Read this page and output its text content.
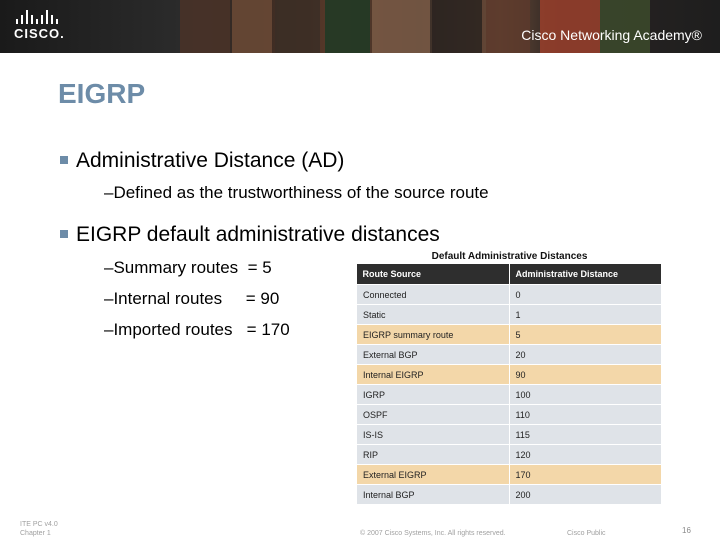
CISCO.	Cisco Networking Academy®
EIGRP
Administrative Distance (AD)
–Defined as the trustworthiness of the source route
EIGRP default administrative distances
–Summary routes  = 5
–Internal routes     = 90
–Imported routes   = 170
Default Administrative Distances
Route Source	Administrative Distance
Connected	0
Static	1
EIGRP summary route	5
External BGP	20
Internal EIGRP	90
IGRP	100
OSPF	110
IS-IS	115
RIP	120
External EIGRP	170
Internal BGP	200
ITE PC v4.0
Chapter 1	© 2007 Cisco Systems, Inc. All rights reserved.	Cisco Public	16
